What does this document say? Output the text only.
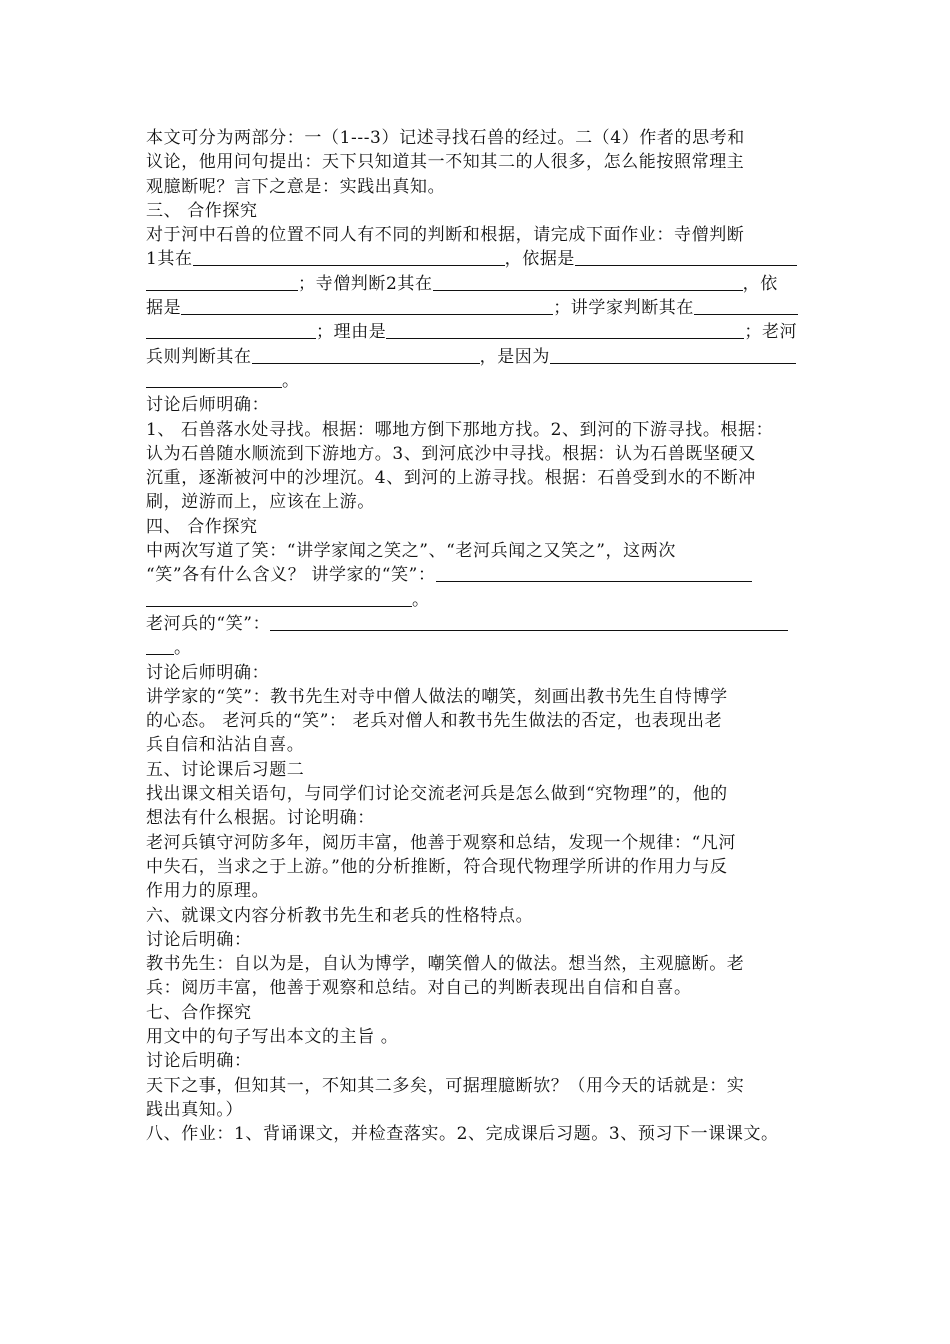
本文可分为两部分：一（1---3）记述寻找石兽的经过。二（4）作者的思考和
议论，他用问句提出：天下只知道其一不知其二的人很多，怎么能按照常理主
观臆断呢？言下之意是：实践出真知。
三、 合作探究
对于河中石兽的位置不同人有不同的判断和根据，请完成下面作业：寺僧判断
1其在	，依据是
；寺僧判断2其在	，依
据是	；讲学家判断其在
；理由是	；老河
兵则判断其在	，是因为
。
讨论后师明确：
1、 石兽落水处寻找。根据：哪地方倒下那地方找。2、到河的下游寻找。根据：
认为石兽随水顺流到下游地方。3、到河底沙中寻找。根据：认为石兽既坚硬又
沉重，逐渐被河中的沙埋沉。4、到河的上游寻找。根据：石兽受到水的不断冲
刷，逆游而上，应该在上游。
四、 合作探究
中两次写道了笑：“讲学家闻之笑之”、“老河兵闻之又笑之”，这两次
“笑”各有什么含义？ 讲学家的“笑”：
。
老河兵的“笑”：
。
讨论后师明确：
讲学家的“笑”：教书先生对寺中僧人做法的嘲笑，刻画出教书先生自恃博学
的心态。 老河兵的“笑”： 老兵对僧人和教书先生做法的否定，也表现出老
兵自信和沾沾自喜。
五、讨论课后习题二
找出课文相关语句，与同学们讨论交流老河兵是怎么做到“究物理”的，他的
想法有什么根据。讨论明确：
老河兵镇守河防多年，阅历丰富，他善于观察和总结，发现一个规律：“凡河
中失石，当求之于上游。”他的分析推断，符合现代物理学所讲的作用力与反
作用力的原理。
六、就课文内容分析教书先生和老兵的性格特点。
讨论后明确：
教书先生：自以为是，自认为博学，嘲笑僧人的做法。想当然，主观臆断。老
兵：阅历丰富，他善于观察和总结。对自己的判断表现出自信和自喜。
七、合作探究
用文中的句子写出本文的主旨 。
讨论后明确：
天下之事，但知其一，不知其二多矣，可据理臆断欤？（用今天的话就是：实
践出真知。）
八、作业：1、背诵课文，并检查落实。2、完成课后习题。3、预习下一课课文。
